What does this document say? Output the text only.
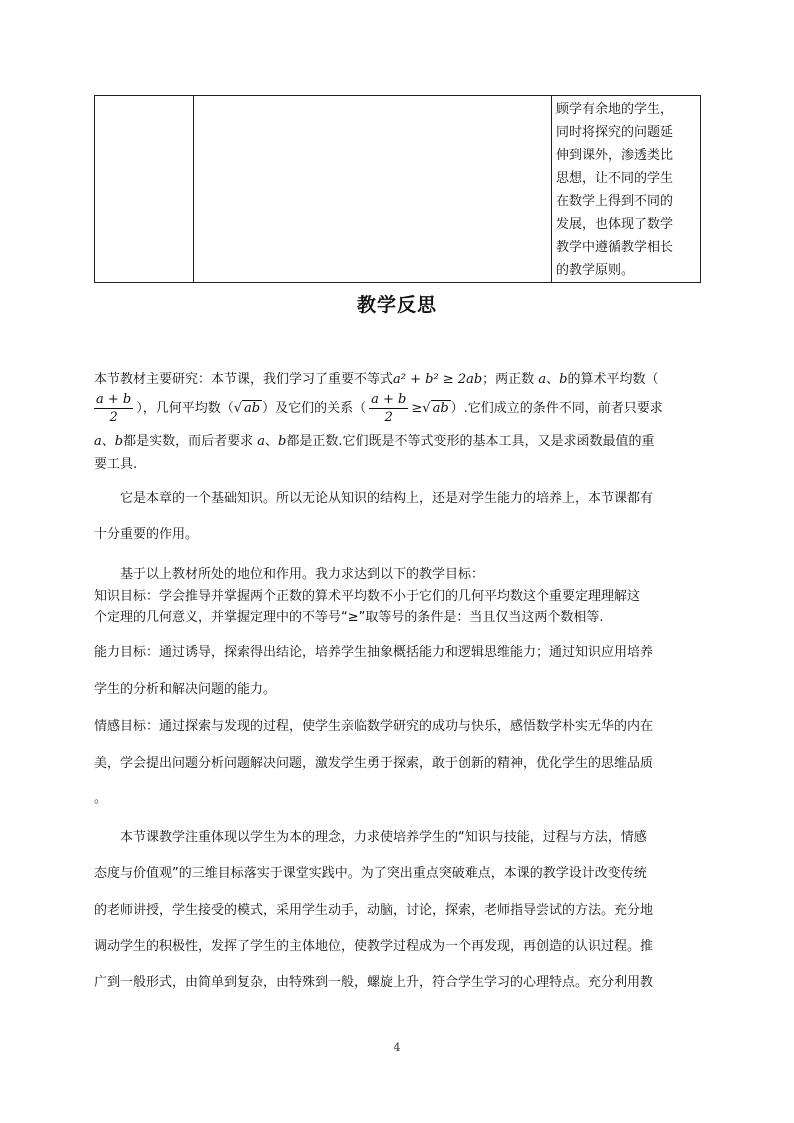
顾学有余地的学生，
同时将探究的问题延
伸到课外，渗透类比
思想，让不同的学生
在数学上得到不同的
发展，也体现了数学
教学中遵循教学相长
的教学原则。
教学反思
本节教材主要研究：本节课，我们学习了重要不等式a² + b² ≥ 2ab；两正数 a、b的算术平均数（
$\frac{a + b}{2}$ ），几何平均数（√ ab ）及它们的关系（ $\frac{a + b}{2}$ ≥√ ab ）.它们成立的条件不同，前者只要求
a、b都是实数，而后者要求 a、b都是正数.它们既是不等式变形的基本工具，又是求函数最值的重
要工具.
它是本章的一个基础知识。所以无论从知识的结构上，还是对学生能力的培养上，本节课都有
十分重要的作用。
基于以上教材所处的地位和作用。我力求达到以下的教学目标：
知识目标：学会推导并掌握两个正数的算术平均数不小于它们的几何平均数这个重要定理理解这
个定理的几何意义，并掌握定理中的不等号“≥”取等号的条件是：当且仅当这两个数相等.
能力目标：通过诱导，探索得出结论，培养学生抽象概括能力和逻辑思维能力；通过知识应用培养
学生的分析和解决问题的能力。
情感目标：通过探索与发现的过程，使学生亲临数学研究的成功与快乐，感悟数学朴实无华的内在
美，学会提出问题分析问题解决问题，激发学生勇于探索，敢于创新的精神，优化学生的思维品质
。
本节课教学注重体现以学生为本的理念，力求使培养学生的“知识与技能，过程与方法，情感
态度与价值观”的三维目标落实于课堂实践中。为了突出重点突破难点，本课的教学设计改变传统
的老师讲授，学生接受的模式，采用学生动手，动脑，讨论，探索，老师指导尝试的方法。充分地
调动学生的积极性，发挥了学生的主体地位，使教学过程成为一个再发现，再创造的认识过程。推
广到一般形式，由简单到复杂，由特殊到一般，螺旋上升，符合学生学习的心理特点。充分利用教
4
